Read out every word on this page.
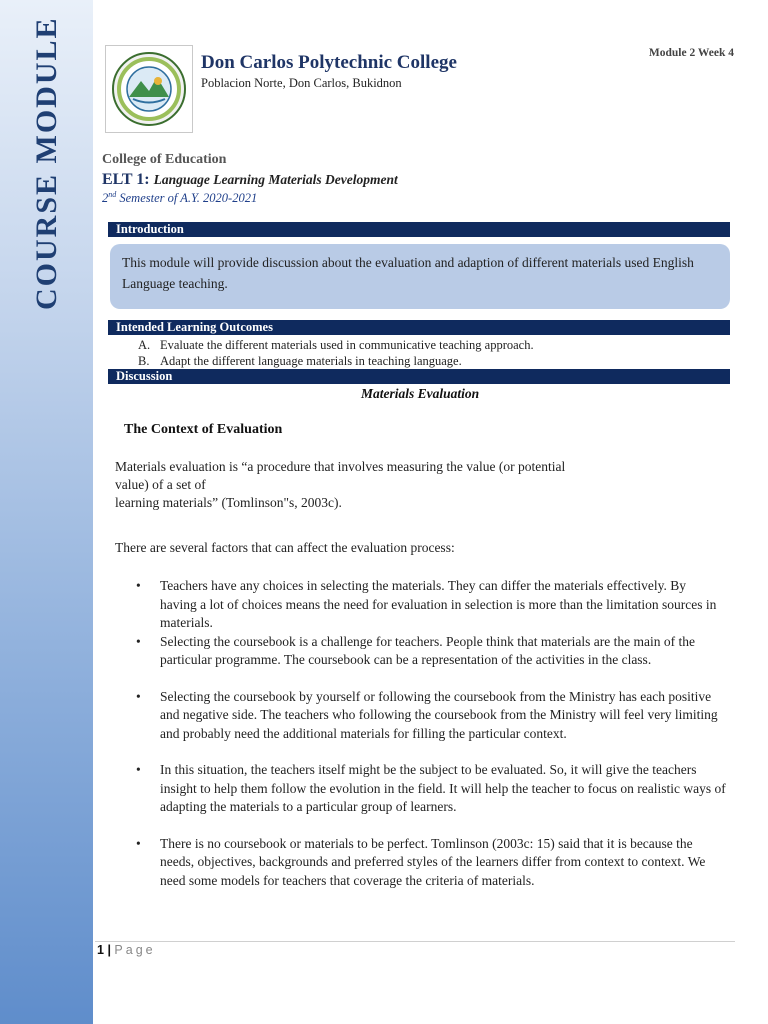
COURSE MODULE	Don Carlos Polytechnic College
Poblacion Norte, Don Carlos, Bukidnon
Module 2 Week 4
College of Education
ELT 1: Language Learning Materials Development
2nd Semester of A.Y. 2020-2021
Introduction
This module will provide discussion about the evaluation and adaption of different materials used English Language teaching.
Intended Learning Outcomes
A. Evaluate the different materials used in communicative teaching approach.
B. Adapt the different language materials in teaching language.
Discussion
Materials Evaluation
The Context of Evaluation
Materials evaluation is “a procedure that involves measuring the value (or potential
value) of a set of
learning materials” (Tomlinson"s, 2003c).
There are several factors that can affect the evaluation process:
• Teachers have any choices in selecting the materials. They can differ the materials effectively. By having a lot of choices means the need for evaluation in selection is more than the limitation sources in materials.
• Selecting the coursebook is a challenge for teachers. People think that materials are the main of the particular programme. The coursebook can be a representation of the activities in the class.
• Selecting the coursebook by yourself or following the coursebook from the Ministry has each positive and negative side. The teachers who following the coursebook from the Ministry will feel very limiting and probably need the additional materials for filling the particular context.
• In this situation, the teachers itself might be the subject to be evaluated. So, it will give the teachers insight to help them follow the evolution in the field. It will help the teacher to focus on realistic ways of adapting the materials to a particular group of learners.
• There is no coursebook or materials to be perfect. Tomlinson (2003c: 15) said that it is because the needs, objectives, backgrounds and preferred styles of the learners differ from context to context. We need some models for teachers that coverage the criteria of materials.
1 | Page
